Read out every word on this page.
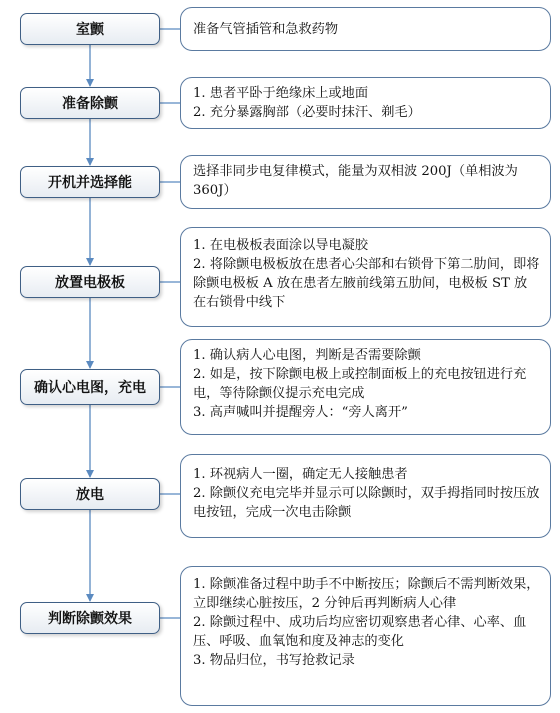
室颤	准备气管插管和急救药物
准备除颤
1. 患者平卧于绝缘床上或地面
2. 充分暴露胸部（必要时抹汗、剃毛）
开机并选择能
选择非同步电复律模式，能量为双相波 200J（单相波为 360J）
放置电极板
1. 在电极板表面涂以导电凝胶
2. 将除颤电极板放在患者心尖部和右锁骨下第二肋间，即将除颤电极板 A 放在患者左腋前线第五肋间，电极板 ST 放在右锁骨中线下
确认心电图，充电
1. 确认病人心电图，判断是否需要除颤
2. 如是，按下除颤电极上或控制面板上的充电按钮进行充电，等待除颤仪提示充电完成
3. 高声喊叫并提醒旁人：“旁人离开”
放电
1. 环视病人一圈，确定无人接触患者
2. 除颤仪充电完毕并显示可以除颤时，双手拇指同时按压放电按钮，完成一次电击除颤
判断除颤效果
1. 除颤准备过程中助手不中断按压；除颤后不需判断效果，立即继续心脏按压，2 分钟后再判断病人心律
2. 除颤过程中、成功后均应密切观察患者心律、心率、血压、呼吸、血氧饱和度及神志的变化
3. 物品归位，书写抢救记录
